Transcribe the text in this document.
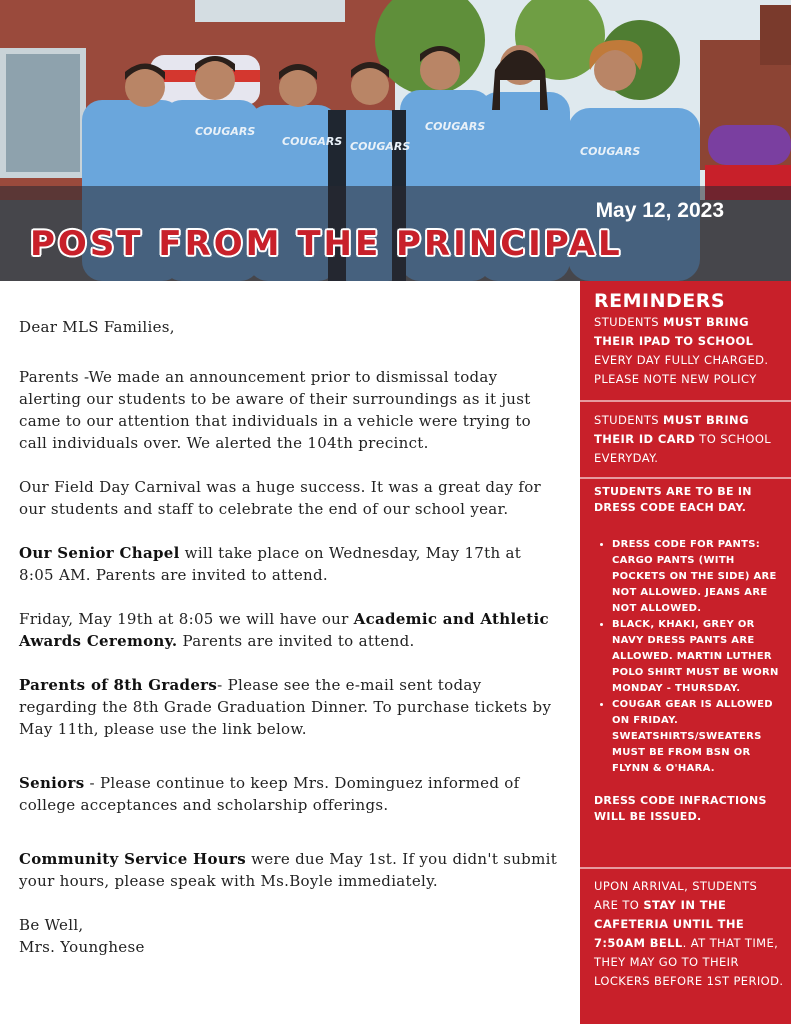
COUGARS
COUGARS COUGARS
COUGARS
COUGARS
May 12, 2023
POST FROM THE PRINCIPAL

Dear MLS Families,

Parents -We made an announcement prior to dismissal today alerting our students to be aware of their surroundings as it just came to our attention that individuals in a vehicle were trying to call individuals over. We alerted the 104th precinct.

Our Field Day Carnival was a huge success. It was a great day for our students and staff to celebrate the end of our school year.

Our Senior Chapel will take place on Wednesday, May 17th at 8:05 AM. Parents are invited to attend.

Friday, May 19th at 8:05 we will have our Academic and Athletic Awards Ceremony. Parents are invited to attend.

Parents of 8th Graders- Please see the e-mail sent today regarding the 8th Grade Graduation Dinner. To purchase tickets by May 11th, please use the link below.

Seniors - Please continue to keep Mrs. Dominguez informed of college acceptances and scholarship offerings.

Community Service Hours were due May 1st. If you didn't submit your hours, please speak with Ms.Boyle immediately.

Be Well,

Mrs. Younghese

REMINDERS
STUDENTS MUST BRING THEIR IPAD TO SCHOOL EVERY DAY FULLY CHARGED. PLEASE NOTE NEW POLICY
STUDENTS MUST BRING THEIR ID CARD TO SCHOOL EVERYDAY.
STUDENTS ARE TO BE IN DRESS CODE EACH DAY.
• DRESS CODE FOR PANTS: CARGO PANTS (WITH POCKETS ON THE SIDE) ARE NOT ALLOWED. JEANS ARE NOT ALLOWED.
• BLACK, KHAKI, GREY OR NAVY DRESS PANTS ARE ALLOWED. MARTIN LUTHER POLO SHIRT MUST BE WORN MONDAY - THURSDAY.
• COUGAR GEAR IS ALLOWED ON FRIDAY. SWEATSHIRTS/SWEATERS MUST BE FROM BSN OR FLYNN & O'HARA.
DRESS CODE INFRACTIONS WILL BE ISSUED.
UPON ARRIVAL, STUDENTS ARE TO STAY IN THE CAFETERIA UNTIL THE 7:50AM BELL. AT THAT TIME, THEY MAY GO TO THEIR LOCKERS BEFORE 1ST PERIOD.
